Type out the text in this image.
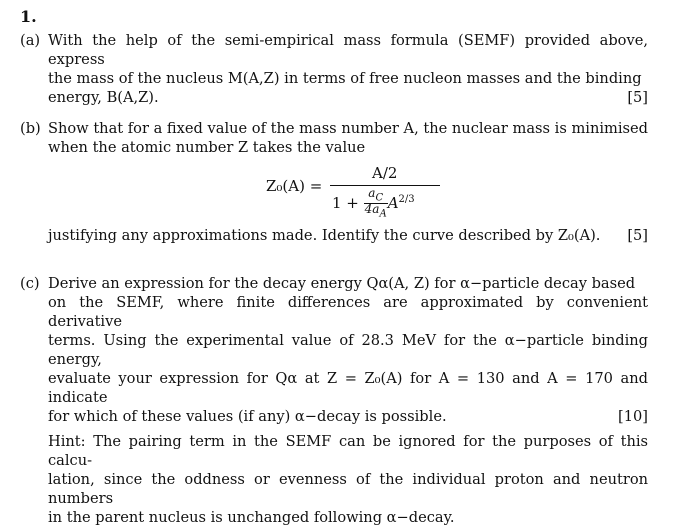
1.
(a) With the help of the semi-empirical mass formula (SEMF) provided above, express
the mass of the nucleus M(A,Z) in terms of free nucleon masses and the binding
energy, B(A,Z).	[5]
(b) Show that for a fixed value of the mass number A, the nuclear mass is minimised
when the atomic number Z takes the value
Z₀(A) =
A/2
$1 + \frac{a_C}{4a_A} A^{2/3}$
justifying any approximations made. Identify the curve described by Z₀(A). [5]
(c) Derive an expression for the decay energy Qα(A, Z) for α−particle decay based
on the SEMF, where finite differences are approximated by convenient derivative
terms. Using the experimental value of 28.3 MeV for the α−particle binding energy,
evaluate your expression for Qα at Z = Z₀(A) for A = 130 and A = 170 and indicate
for which of these values (if any) α−decay is possible.	[10]
Hint: The pairing term in the SEMF can be ignored for the purposes of this calcu-
lation, since the oddness or evenness of the individual proton and neutron numbers
in the parent nucleus is unchanged following α−decay.
